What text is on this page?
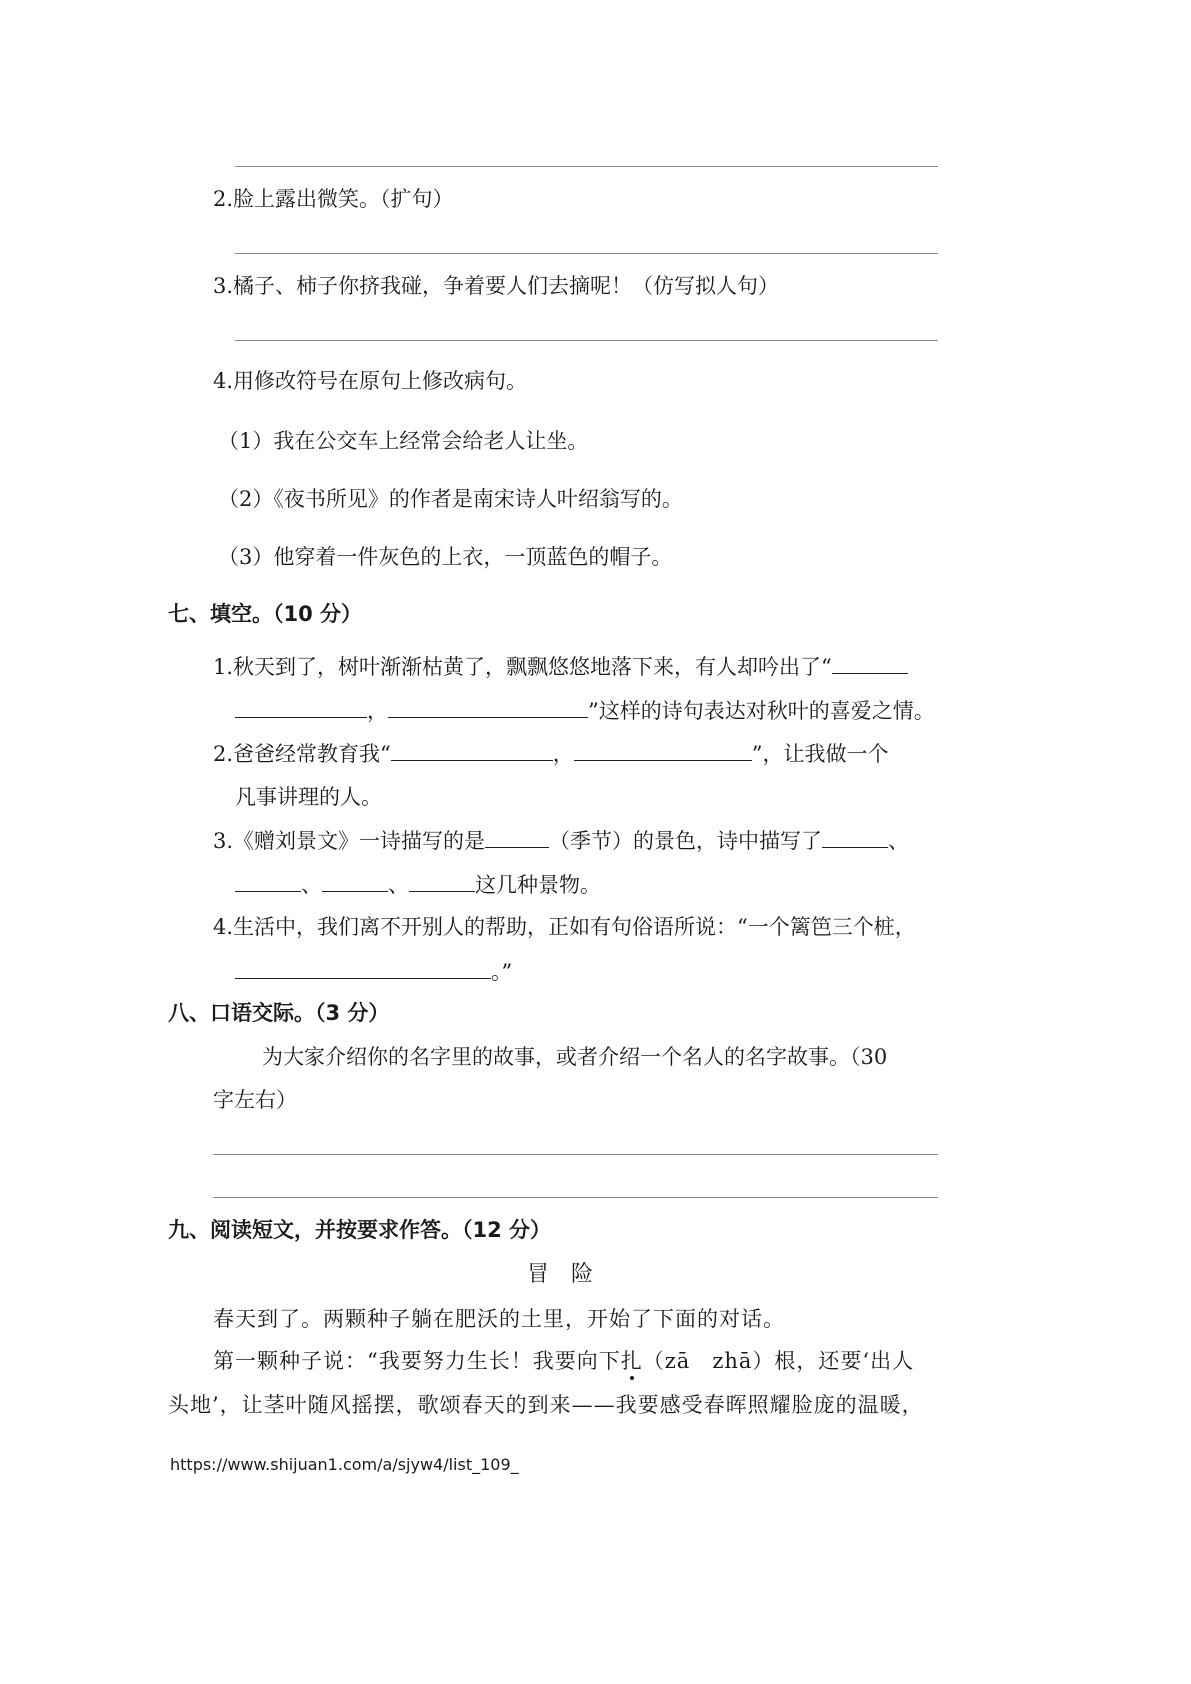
2.脸上露出微笑。（扩句）
3.橘子、柿子你挤我碰，争着要人们去摘呢！（仿写拟人句）
4.用修改符号在原句上修改病句。
（1）我在公交车上经常会给老人让坐。
（2）《夜书所见》的作者是南宋诗人叶绍翁写的。
（3）他穿着一件灰色的上衣，一顶蓝色的帽子。
七、填空。（10 分）
1.秋天到了，树叶渐渐枯黄了，飘飘悠悠地落下来，有人却吟出了“
，	”这样的诗句表达对秋叶的喜爱之情。
2.爸爸经常教育我“	，	”，让我做一个
凡事讲理的人。
3.《赠刘景文》一诗描写的是	（季节）的景色，诗中描写了	、
、	、	这几种景物。
4.生活中，我们离不开别人的帮助，正如有句俗语所说：“一个篱笆三个桩，
。”
八、口语交际。（3 分）
为大家介绍你的名字里的故事，或者介绍一个名人的名字故事。（30
字左右）
九、阅读短文，并按要求作答。（12 分）
冒　险
春天到了。两颗种子躺在肥沃的土里，开始了下面的对话。
第一颗种子说：“我要努力生长！我要向下扎（zā　zhā）根，还要‘出人
头地’，让茎叶随风摇摆，歌颂春天的到来——我要感受春晖照耀脸庞的温暖，
https://www.shijuan1.com/a/sjyw4/list_109_
